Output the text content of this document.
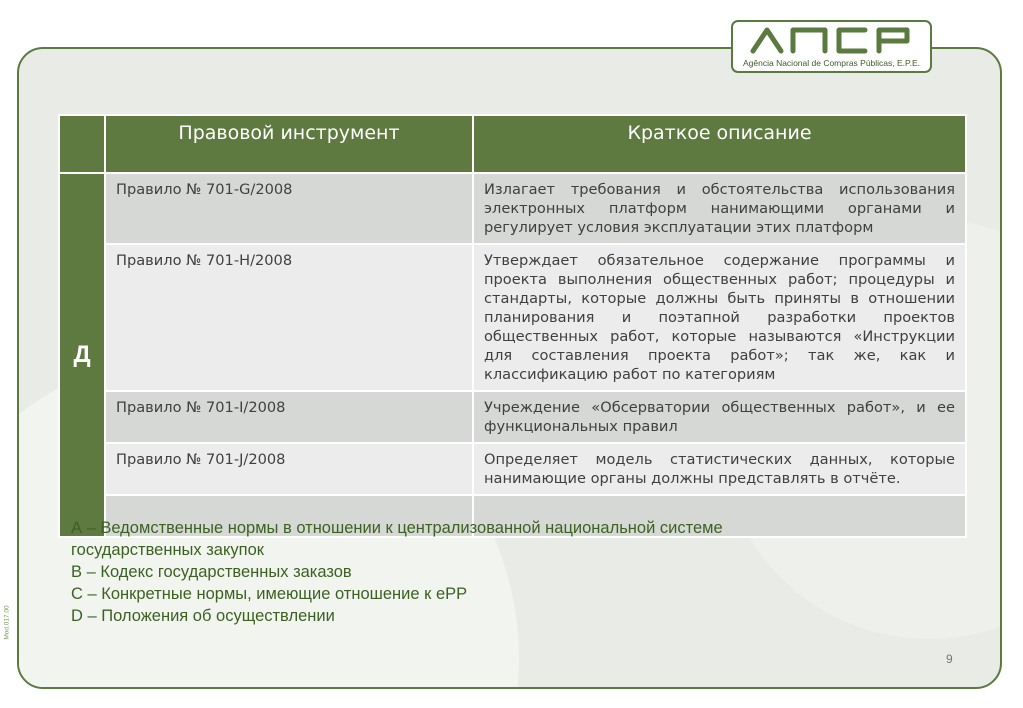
Agência Nacional de Compras Públicas, E.P.E.
	Правовой инструмент	Краткое описание
Д	Правило № 701-G/2008	Излагает требования и обстоятельства использования электронных платформ нанимающими органами и регулирует условия эксплуатации этих платформ
	Правило № 701-H/2008	Утверждает обязательное содержание программы и проекта выполнения общественных работ; процедуры и стандарты, которые должны быть приняты в отношении планирования и поэтапной разработки проектов общественных работ, которые называются «Инструкции для составления проекта работ»; так же, как и классификацию работ по категориям
	Правило № 701-I/2008	Учреждение «Обсерватории общественных работ», и ее функциональных правил
	Правило № 701-J/2008	Определяет модель статистических данных, которые нанимающие органы должны представлять в отчёте.

А – Ведомственные нормы в отношении к централизованной национальной системе государственных закупок
В – Кодекс государственных заказов
С – Конкретные нормы, имеющие отношение к ePP
D – Положения об осуществлении
Mod.017.00
9
